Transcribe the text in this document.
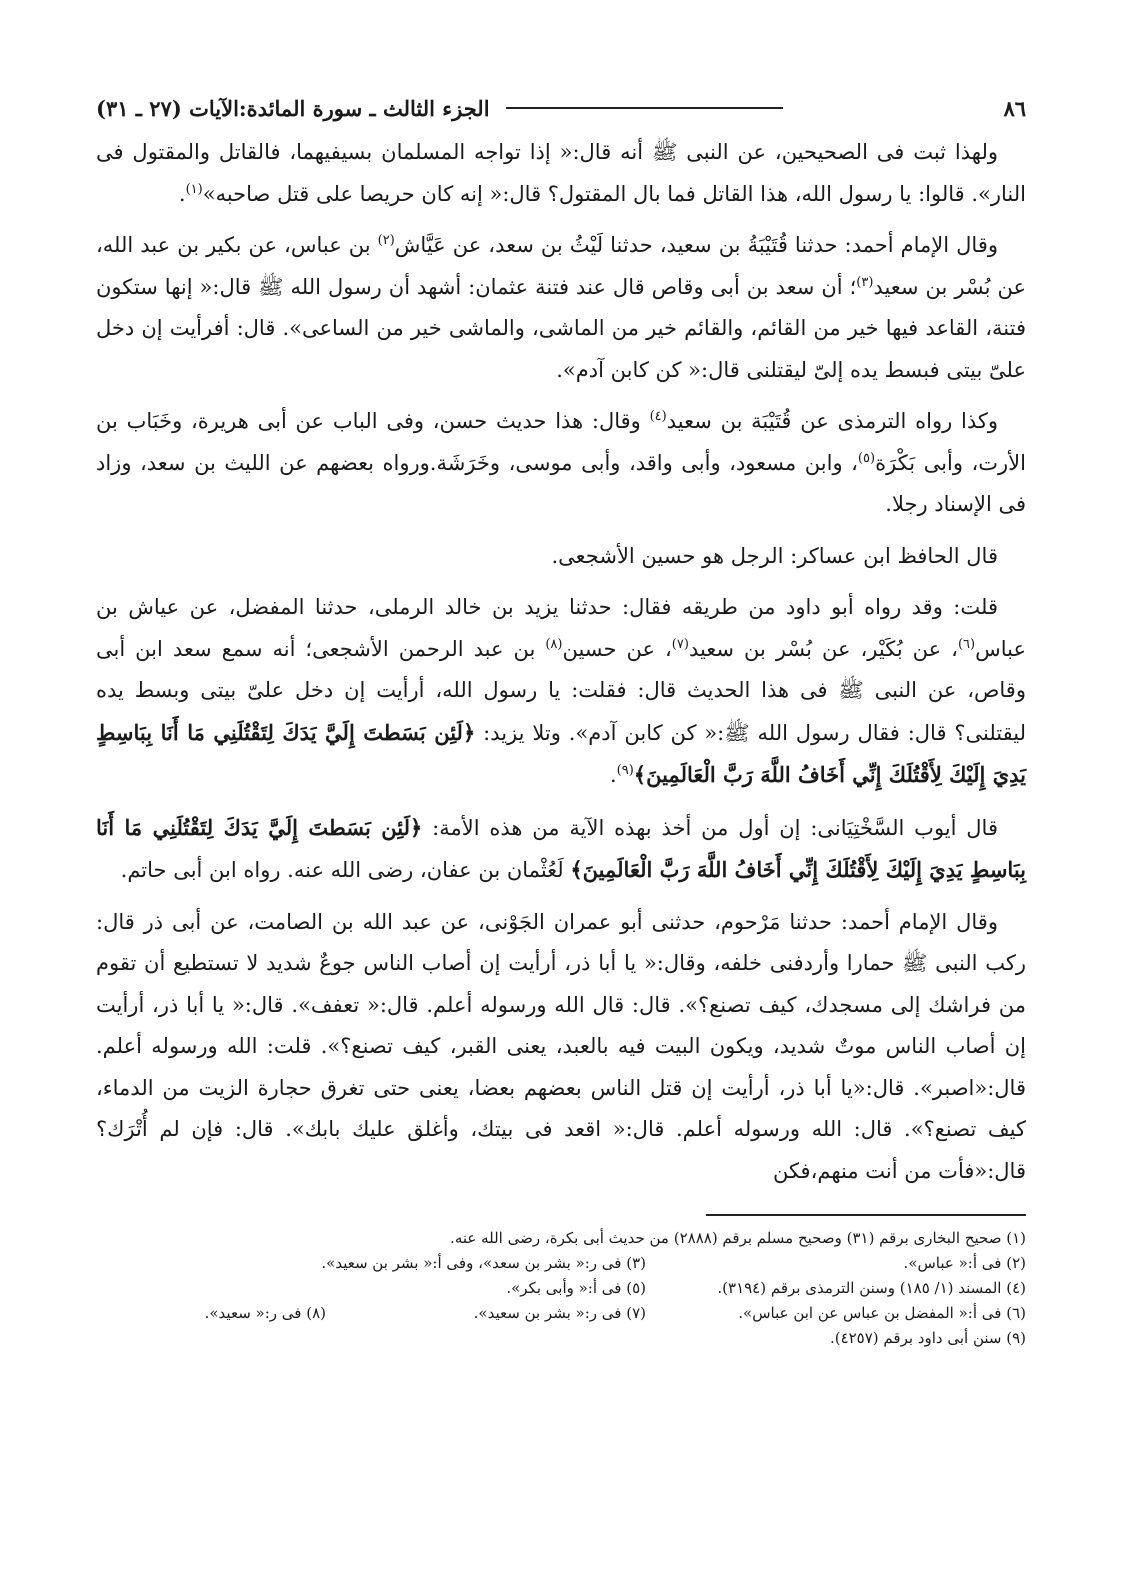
٨٦
الجزء الثالث ـ سورة المائدة:الآيات (٢٧ ـ ٣١)

ولهذا ثبت فى الصحيحين، عن النبى ﷺ أنه قال:« إذا تواجه المسلمان بسيفيهما، فالقاتل والمقتول فى النار». قالوا: يا رسول الله، هذا القاتل فما بال المقتول؟ قال:« إنه كان حريصا على قتل صاحبه»$^{(١)}$.

وقال الإمام أحمد: حدثنا قُتَيْبَةُ بن سعيد، حدثنا لَيْثُ بن سعد، عن عَيَّاش$^{(٢)}$ بن عباس، عن بكير بن عبد الله، عن بُسْر بن سعيد$^{(٣)}$؛ أن سعد بن أبى وقاص قال عند فتنة عثمان: أشهد أن رسول الله ﷺ قال:« إنها ستكون فتنة، القاعد فيها خير من القائم، والقائم خير من الماشى، والماشى خير من الساعى». قال: أفرأيت إن دخل علىّ بيتى فبسط يده إلىّ ليقتلنى قال:« كن كابن آدم».

وكذا رواه الترمذى عن قُتَيْبَة بن سعيد$^{(٤)}$ وقال: هذا حديث حسن، وفى الباب عن أبى هريرة، وخَبَاب بن الأرت، وأبى بَكْرَة$^{(٥)}$، وابن مسعود، وأبى واقد، وأبى موسى، وخَرَشَة.ورواه بعضهم عن الليث بن سعد، وزاد فى الإسناد رجلا.

قال الحافظ ابن عساكر: الرجل هو حسين الأشجعى.

قلت: وقد رواه أبو داود من طريقه فقال: حدثنا يزيد بن خالد الرملى، حدثنا المفضل، عن عياش بن عباس$^{(٦)}$، عن بُكَيْر، عن بُسْر بن سعيد$^{(٧)}$، عن حسين$^{(٨)}$ بن عبد الرحمن الأشجعى؛ أنه سمع سعد ابن أبى وقاص، عن النبى ﷺ فى هذا الحديث قال: فقلت: يا رسول الله، أرأيت إن دخل علىّ بيتى وبسط يده ليقتلنى؟ قال: فقال رسول الله ﷺ:« كن كابن آدم». وتلا يزيد: ﴿لَئِن بَسَطتَ إِلَيَّ يَدَكَ لِتَقْتُلَنِي مَا أَنَا بِبَاسِطٍ يَدِيَ إِلَيْكَ لِأَقْتُلَكَ إِنِّي أَخَافُ اللَّهَ رَبَّ الْعَالَمِينَ﴾$^{(٩)}$.

قال أيوب السَّخْتِيَانى: إن أول من أخذ بهذه الآية من هذه الأمة: ﴿لَئِن بَسَطتَ إِلَيَّ يَدَكَ لِتَقْتُلَنِي مَا أَنَا بِبَاسِطٍ يَدِيَ إِلَيْكَ لِأَقْتُلَكَ إِنِّي أَخَافُ اللَّهَ رَبَّ الْعَالَمِينَ﴾ لَعُثْمان بن عفان، رضى الله عنه. رواه ابن أبى حاتم.

وقال الإمام أحمد: حدثنا مَرْحوم، حدثنى أبو عمران الجَوْنى، عن عبد الله بن الصامت، عن أبى ذر قال: ركب النبى ﷺ حمارا وأردفنى خلفه، وقال:« يا أبا ذر، أرأيت إن أصاب الناس جوعٌ شديد لا تستطيع أن تقوم من فراشك إلى مسجدك، كيف تصنع؟». قال: قال الله ورسوله أعلم. قال:« تعفف». قال:« يا أبا ذر، أرأيت إن أصاب الناس موتٌ شديد، ويكون البيت فيه بالعبد، يعنى القبر، كيف تصنع؟». قلت: الله ورسوله أعلم. قال:«اصبر». قال:«يا أبا ذر، أرأيت إن قتل الناس بعضهم بعضا، يعنى حتى تغرق حجارة الزيت من الدماء، كيف تصنع؟». قال: الله ورسوله أعلم. قال:« اقعد فى بيتك، وأغلق عليك بابك». قال: فإن لم أُتْرَك؟ قال:«فأت من أنت منهم،فكن

(١) صحيح البخارى برقم (٣١) وصحيح مسلم برقم (٢٨٨٨) من حديث أبى بكرة، رضى الله عنه.
(٢) فى أ:« عباس».
(٣) فى ر:« بشر بن سعد»، وفى أ:« بشر بن سعيد».
(٤) المسند (١/ ١٨٥) وسنن الترمذى برقم (٣١٩٤).
(٥) فى أ:« وأبى بكر».
(٦) فى أ:« المفضل بن عباس عن ابن عباس».
(٧) فى ر:« بشر بن سعيد».
(٨) فى ر:« سعيد».
(٩) سنن أبى داود برقم (٤٢٥٧).
